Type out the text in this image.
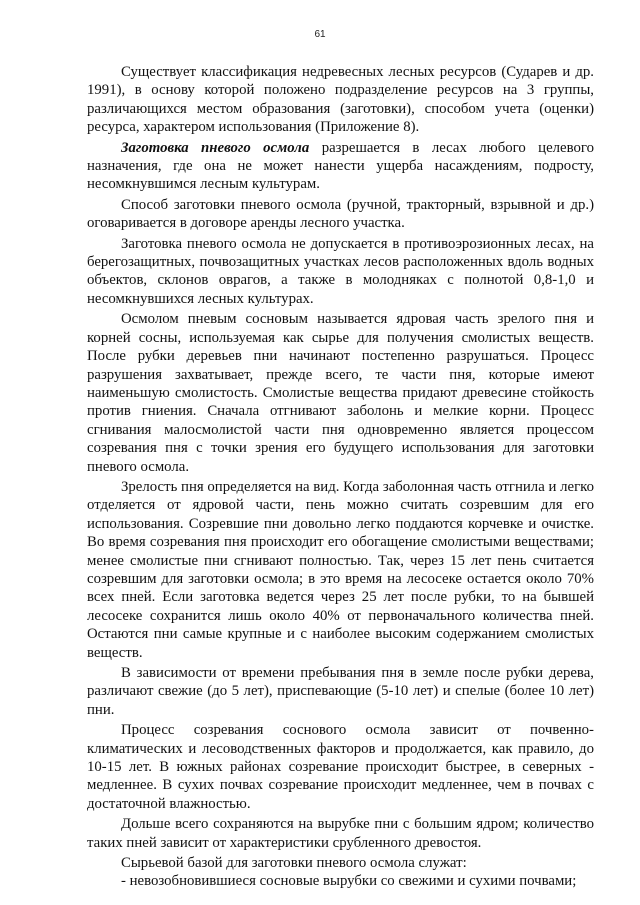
61

Существует классификация недревесных лесных ресурсов (Сударев и др. 1991), в основу которой положено подразделение ресурсов на 3 группы, различающихся местом образования (заготовки), способом учета (оценки) ресурса, характером использования (Приложение 8).

Заготовка пневого осмола разрешается в лесах любого целевого назначения, где она не может нанести ущерба насаждениям, подросту, несомкнувшимся лесным культурам.

Способ заготовки пневого осмола (ручной, тракторный, взрывной и др.) оговаривается в договоре аренды лесного участка.

Заготовка пневого осмола не допускается в противоэрозионных лесах, на берегозащитных, почвозащитных участках лесов расположенных вдоль водных объектов, склонов оврагов, а также в молодняках с полнотой 0,8-1,0 и несомкнувшихся лесных культурах.

Осмолом пневым сосновым называется ядровая часть зрелого пня и корней сосны, используемая как сырье для получения смолистых веществ. После рубки деревьев пни начинают постепенно разрушаться. Процесс разрушения захватывает, прежде всего, те части пня, которые имеют наименьшую смолистость. Смолистые вещества придают древесине стойкость против гниения. Сначала отгнивают заболонь и мелкие корни. Процесс сгнивания малосмолистой части пня одновременно является процессом созревания пня с точки зрения его будущего использования для заготовки пневого осмола.

Зрелость пня определяется на вид. Когда заболонная часть отгнила и легко отделяется от ядровой части, пень можно считать созревшим для его использования. Созревшие пни довольно легко поддаются корчевке и очистке. Во время созревания пня происходит его обогащение смолистыми веществами; менее смолистые пни сгнивают полностью. Так, через 15 лет пень считается созревшим для заготовки осмола; в это время на лесосеке остается около 70% всех пней. Если заготовка ведется через 25 лет после рубки, то на бывшей лесосеке сохранится лишь около 40% от первоначального количества пней. Остаются пни самые крупные и с наиболее высоким содержанием смолистых веществ.

В зависимости от времени пребывания пня в земле после рубки дерева, различают свежие (до 5 лет), приспевающие (5-10 лет) и спелые (более 10 лет) пни.

Процесс созревания соснового осмола зависит от почвенно-климатических и лесоводственных факторов и продолжается, как правило, до 10-15 лет. В южных районах созревание происходит быстрее, в северных - медленнее. В сухих почвах созревание происходит медленнее, чем в почвах с достаточной влажностью.

Дольше всего сохраняются на вырубке пни с большим ядром; количество таких пней зависит от характеристики срубленного древостоя.

Сырьевой базой для заготовки пневого осмола служат:

- невозобновившиеся сосновые вырубки со свежими и сухими почвами;
